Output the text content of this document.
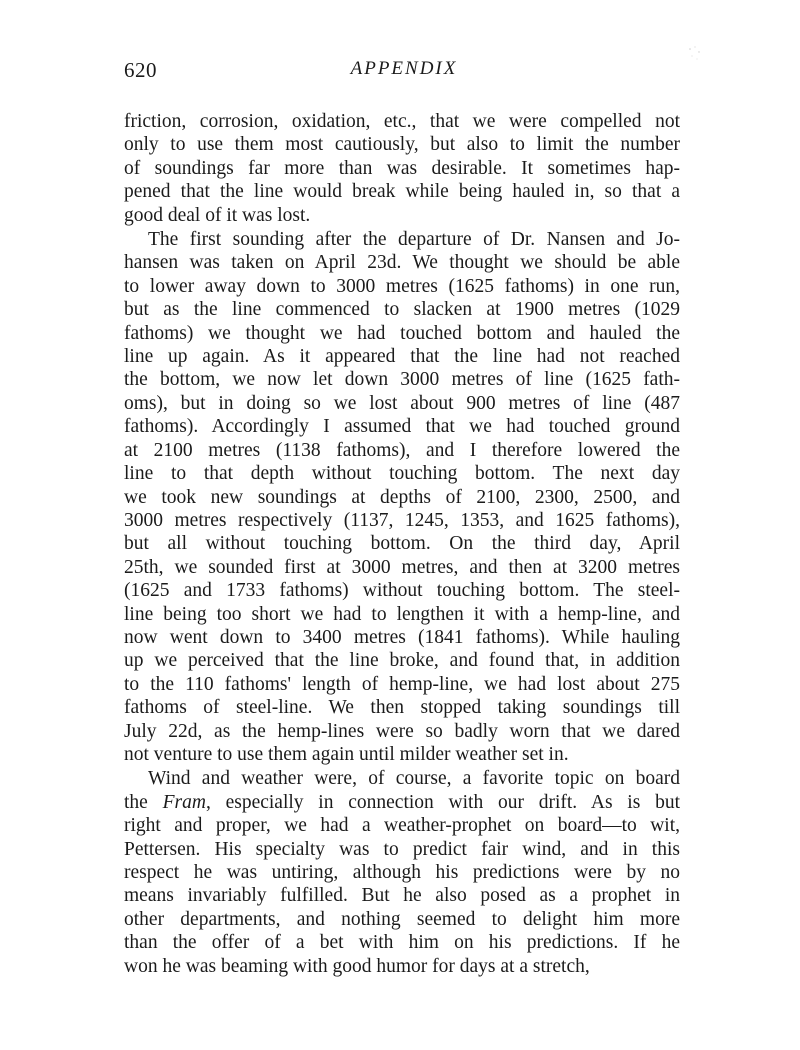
620	APPENDIX

friction, corrosion, oxidation, etc., that we were compelled not
only to use them most cautiously, but also to limit the number
of soundings far more than was desirable. It sometimes hap-
pened that the line would break while being hauled in, so that a
good deal of it was lost.

The first sounding after the departure of Dr. Nansen and Jo-
hansen was taken on April 23d. We thought we should be able
to lower away down to 3000 metres (1625 fathoms) in one run,
but as the line commenced to slacken at 1900 metres (1029
fathoms) we thought we had touched bottom and hauled the
line up again. As it appeared that the line had not reached
the bottom, we now let down 3000 metres of line (1625 fath-
oms), but in doing so we lost about 900 metres of line (487
fathoms). Accordingly I assumed that we had touched ground
at 2100 metres (1138 fathoms), and I therefore lowered the
line to that depth without touching bottom. The next day
we took new soundings at depths of 2100, 2300, 2500, and
3000 metres respectively (1137, 1245, 1353, and 1625 fathoms),
but all without touching bottom. On the third day, April
25th, we sounded first at 3000 metres, and then at 3200 metres
(1625 and 1733 fathoms) without touching bottom. The steel-
line being too short we had to lengthen it with a hemp-line, and
now went down to 3400 metres (1841 fathoms). While hauling
up we perceived that the line broke, and found that, in addition
to the 110 fathoms' length of hemp-line, we had lost about 275
fathoms of steel-line. We then stopped taking soundings till
July 22d, as the hemp-lines were so badly worn that we dared
not venture to use them again until milder weather set in.

Wind and weather were, of course, a favorite topic on board
the Fram, especially in connection with our drift. As is but
right and proper, we had a weather-prophet on board—to wit,
Pettersen. His specialty was to predict fair wind, and in this
respect he was untiring, although his predictions were by no
means invariably fulfilled. But he also posed as a prophet in
other departments, and nothing seemed to delight him more
than the offer of a bet with him on his predictions. If he
won he was beaming with good humor for days at a stretch,
